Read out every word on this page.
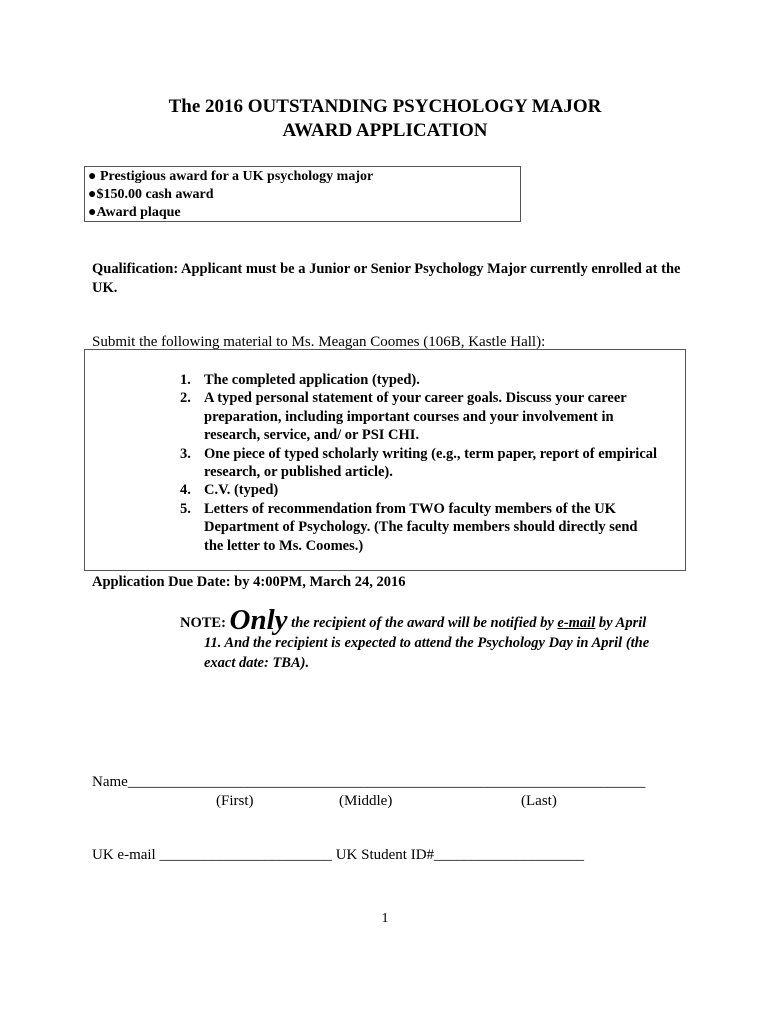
The 2016 OUTSTANDING PSYCHOLOGY MAJOR
AWARD APPLICATION
● Prestigious award for a UK psychology major
●$150.00 cash award
●Award plaque
Qualification: Applicant must be a Junior or Senior Psychology Major currently enrolled at the UK.
Submit the following material to Ms. Meagan Coomes (106B, Kastle Hall):
1. The completed application (typed).
2. A typed personal statement of your career goals. Discuss your career preparation, including important courses and your involvement in research, service, and/ or PSI CHI.
3. One piece of typed scholarly writing (e.g., term paper, report of empirical research, or published article).
4. C.V. (typed)
5. Letters of recommendation from TWO faculty members of the UK Department of Psychology. (The faculty members should directly send the letter to Ms. Coomes.)
Application Due Date: by 4:00PM, March 24, 2016
NOTE: Only the recipient of the award will be notified by e-mail by April
11. And the recipient is expected to attend the Psychology Day in April (the
exact date: TBA).
Name_____________________________________________________________________
(First)	(Middle)	(Last)
UK e-mail _______________________ UK Student ID#____________________
1
